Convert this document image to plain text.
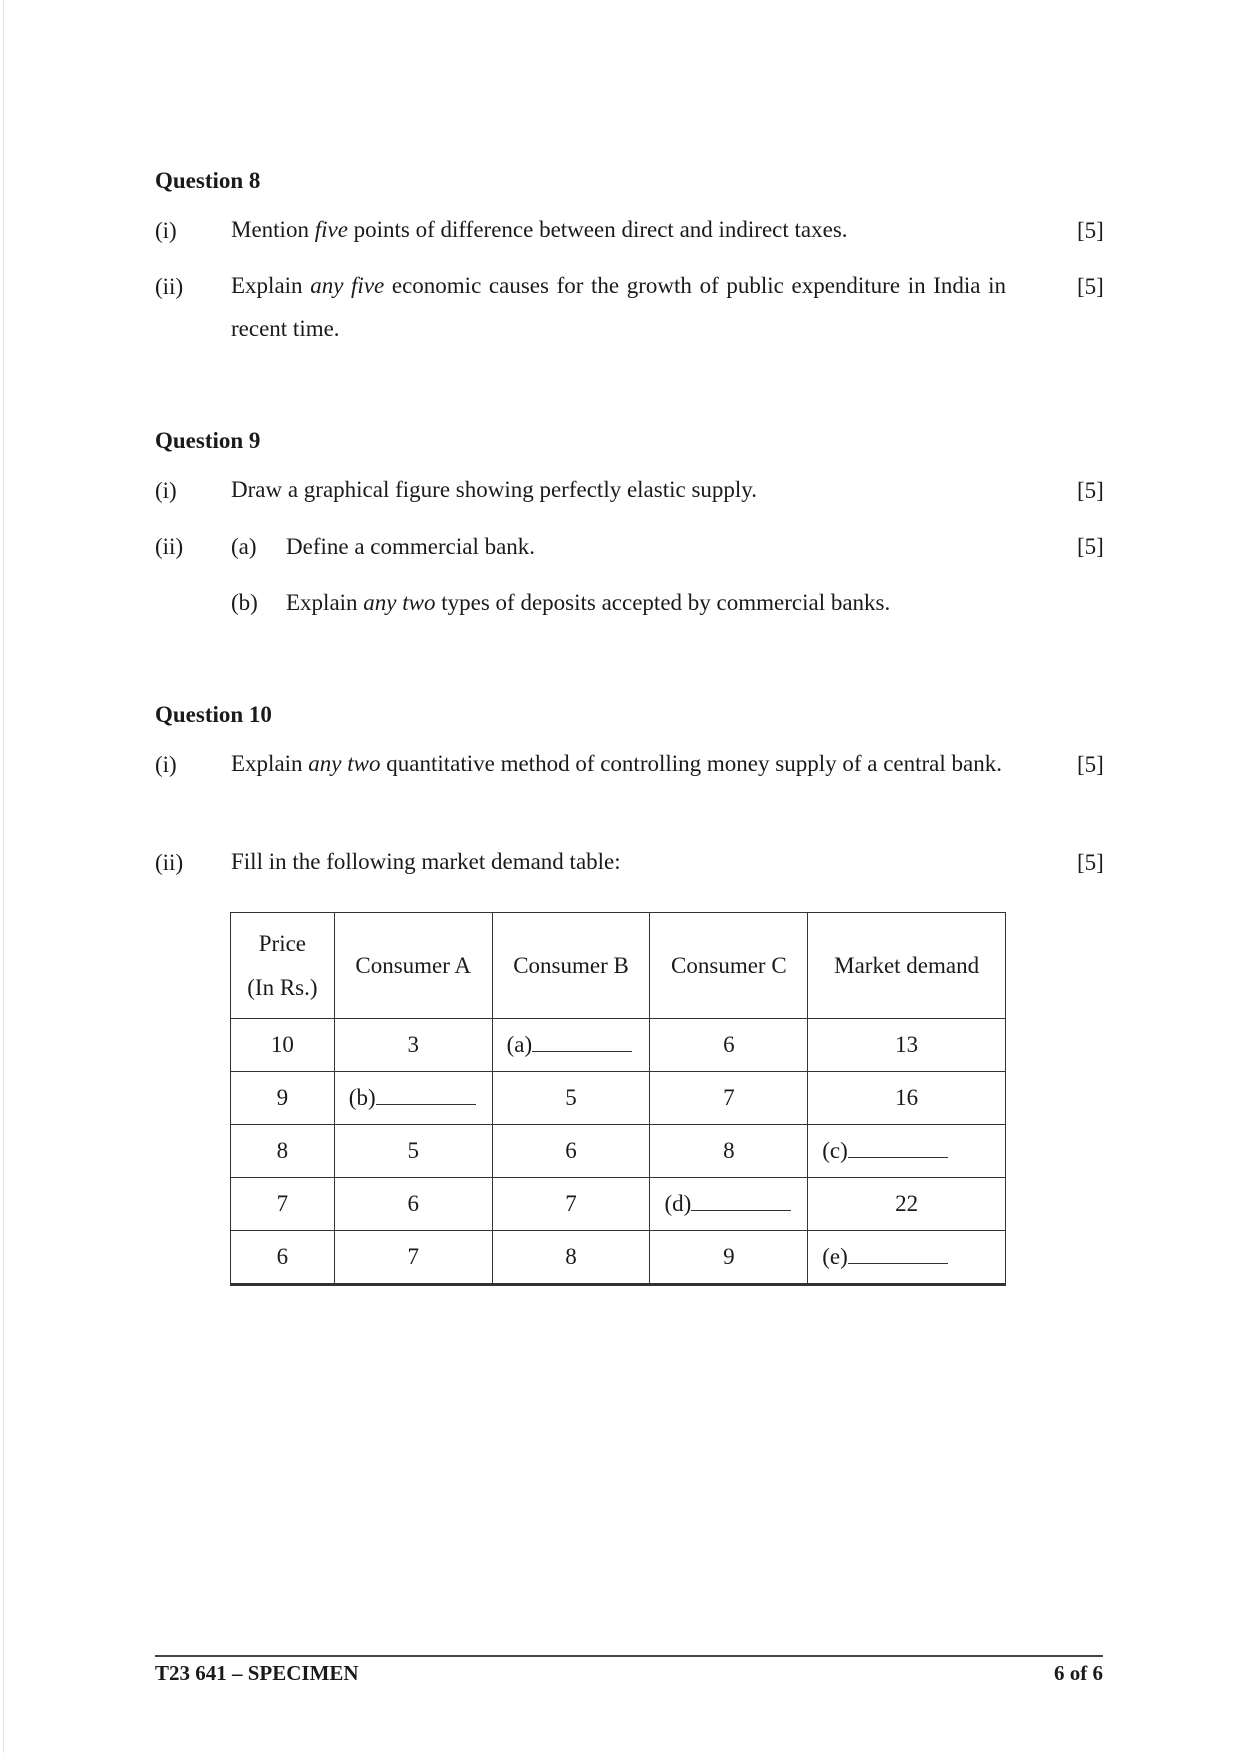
Question 8
(i) Mention five points of difference between direct and indirect taxes.	[5]
(ii) Explain any five economic causes for the growth of public expenditure in India in recent time.
[5]
Question 9
(i) Draw a graphical figure showing perfectly elastic supply.	[5]
(ii) (a) Define a commercial bank.	[5]
(b) Explain any two types of deposits accepted by commercial banks.
Question 10
(i) Explain any two quantitative method of controlling money supply of a central bank.	[5]
(ii) Fill in the following market demand table:	[5]
Price
(In Rs.)	Consumer A	Consumer B	Consumer C	Market demand
10	3	(a)	6	13
9	(b)	5	7	16
8	5	6	8	(c)
7	6	7	(d)	22
6	7	8	9	(e)
T23 641 – SPECIMEN	6 of 6
